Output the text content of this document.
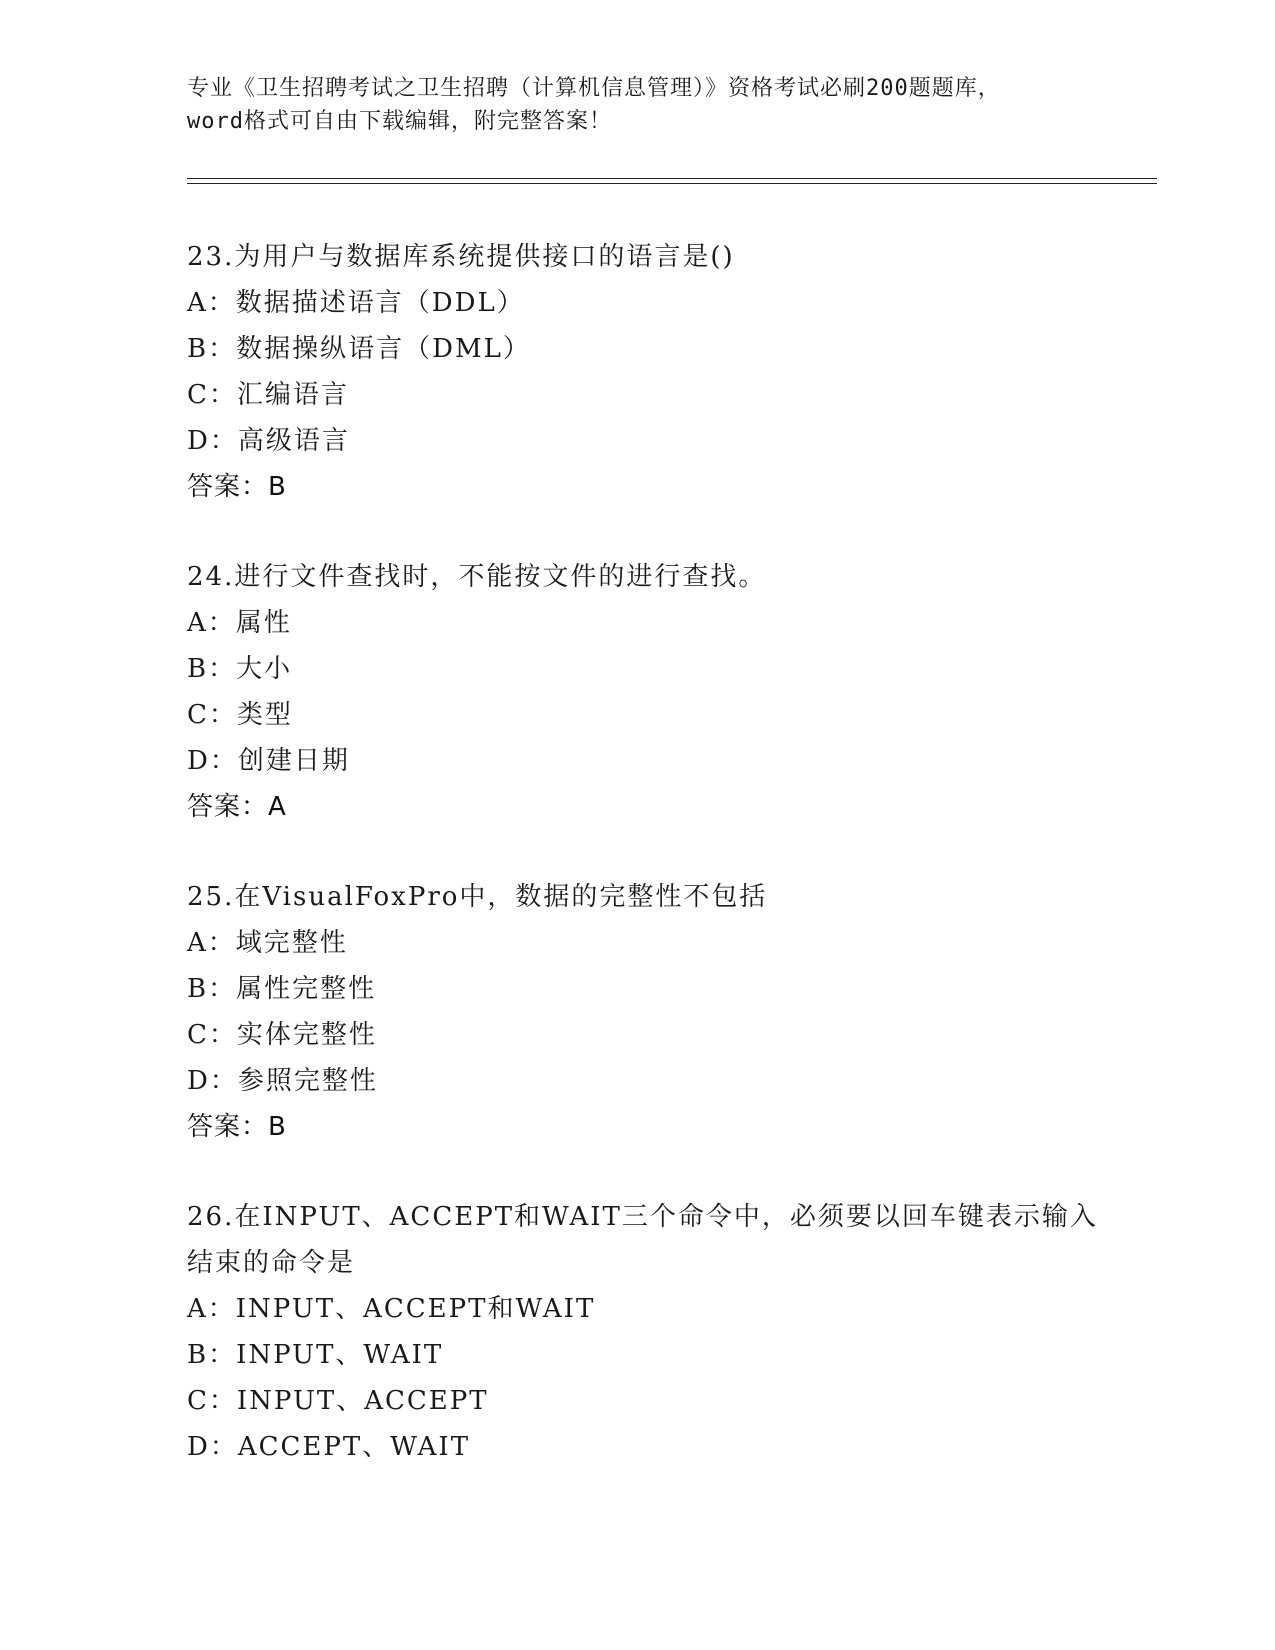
专业《卫生招聘考试之卫生招聘（计算机信息管理）》资格考试必刷200题题库，
word格式可自由下载编辑，附完整答案！
23.为用户与数据库系统提供接口的语言是()
A：数据描述语言（DDL）
B：数据操纵语言（DML）
C：汇编语言
D：高级语言
答案：B
24.进行文件查找时，不能按文件的进行查找。
A：属性
B：大小
C：类型
D：创建日期
答案：A
25.在VisualFoxPro中，数据的完整性不包括
A：域完整性
B：属性完整性
C：实体完整性
D：参照完整性
答案：B
26.在INPUT、ACCEPT和WAIT三个命令中，必须要以回车键表示输入
结束的命令是
A：INPUT、ACCEPT和WAIT
B：INPUT、WAIT
C：INPUT、ACCEPT
D：ACCEPT、WAIT
